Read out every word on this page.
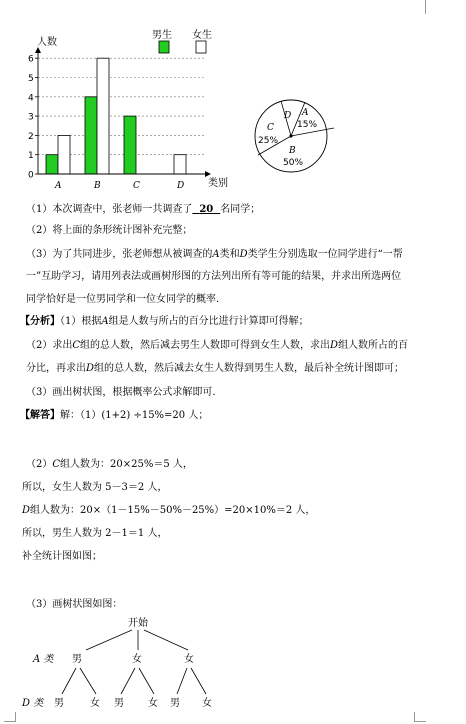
人数
类别
男生 女生
0
1
2
3
4
5
6
A	B	C	D
D A
15%
C
25%
B
50%
（1）本次调查中，张老师一共调查了 20 名同学；
（2）将上面的条形统计图补充完整；
（3）为了共同进步，张老师想从被调查的A类和D类学生分别选取一位同学进行“一帮
一”互助学习，请用列表法或画树形图的方法列出所有等可能的结果，并求出所选两位
同学恰好是一位男同学和一位女同学的概率．
【分析】（1）根据A组是人数与所占的百分比进行计算即可得解；
（2）求出C组的总人数，然后减去男生人数即可得到女生人数，求出D组人数所占的百
分比，再求出D组的总人数，然后减去女生人数得到男生人数，最后补全统计图即可；
（3）画出树状图，根据概率公式求解即可．
【解答】解：（1）(1+2) ÷15%=20 人；
（2）C组人数为：20×25%＝5 人，
所以，女生人数为 5－3＝2 人，
D组人数为：20×（1－15%－50%－25%）=20×10%＝2 人，
所以，男生人数为 2－1＝1 人，
补全统计图如图；
（3）画树状图如图：
开始
A 类 男	女	女
D 类 男	女 男 女 男 女
